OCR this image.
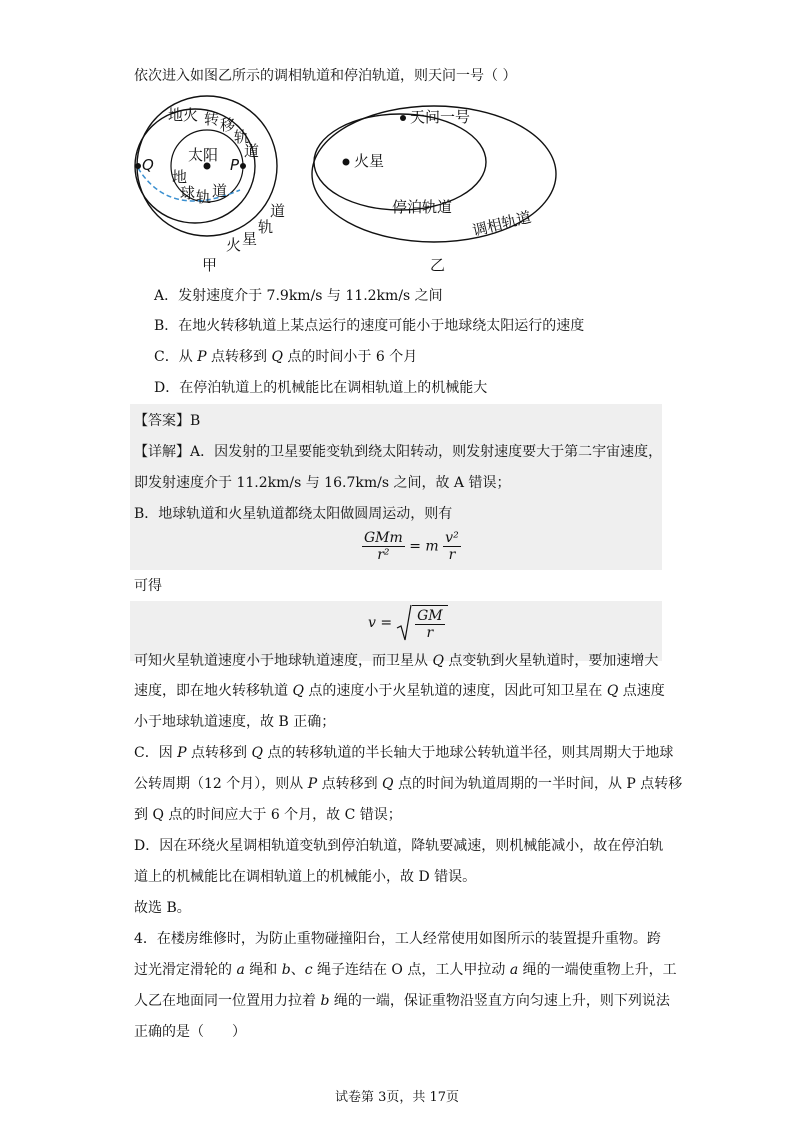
依次进入如图乙所示的调相轨道和停泊轨道，则天问一号（ ）
Q	P
太阳
地火 转 移
轨
道
地
球 轨 道
道
轨
星
火
甲
天问一号
火星
停泊轨道
调相轨道
乙
A．发射速度介于 7.9km/s 与 11.2km/s 之间
B．在地火转移轨道上某点运行的速度可能小于地球绕太阳运行的速度
C．从 P 点转移到 Q 点的时间小于 6 个月
D．在停泊轨道上的机械能比在调相轨道上的机械能大
【答案】B
【详解】A．因发射的卫星要能变轨到绕太阳转动，则发射速度要大于第二宇宙速度，
即发射速度介于 11.2km/s 与 16.7km/s 之间，故 A 错误；
B．地球轨道和火星轨道都绕太阳做圆周运动，则有
$\frac{\text{GMm}}{\text{r²}} = m \frac{\text{v²}}{r}$
可得
$v = \frac{GM}{r}$
可知火星轨道速度小于地球轨道速度，而卫星从 Q 点变轨到火星轨道时，要加速增大
速度，即在地火转移轨道 Q 点的速度小于火星轨道的速度，因此可知卫星在 Q 点速度
小于地球轨道速度，故 B 正确；
C．因 P 点转移到 Q 点的转移轨道的半长轴大于地球公转轨道半径，则其周期大于地球
公转周期（12 个月），则从 P 点转移到 Q 点的时间为轨道周期的一半时间，从 P 点转移
到 Q 点的时间应大于 6 个月，故 C 错误；
D．因在环绕火星调相轨道变轨到停泊轨道，降轨要减速，则机械能减小，故在停泊轨
道上的机械能比在调相轨道上的机械能小，故 D 错误。
故选 B。
4．在楼房维修时，为防止重物碰撞阳台，工人经常使用如图所示的装置提升重物。跨
过光滑定滑轮的 a 绳和 b、c 绳子连结在 O 点，工人甲拉动 a 绳的一端使重物上升，工
人乙在地面同一位置用力拉着 b 绳的一端，保证重物沿竖直方向匀速上升，则下列说法
正确的是（　　）
试卷第 3页，共 17页
